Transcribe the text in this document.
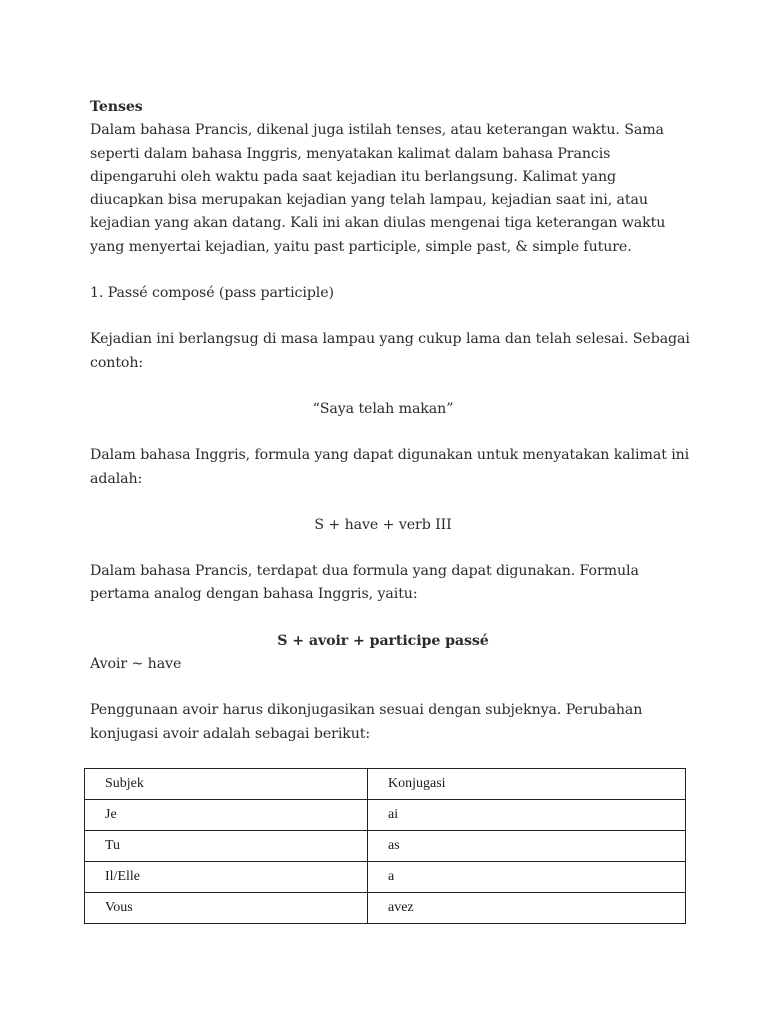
Tenses

Dalam bahasa Prancis, dikenal juga istilah tenses, atau keterangan waktu. Sama seperti dalam bahasa Inggris, menyatakan kalimat dalam bahasa Prancis dipengaruhi oleh waktu pada saat kejadian itu berlangsung. Kalimat yang diucapkan bisa merupakan kejadian yang telah lampau, kejadian saat ini, atau kejadian yang akan datang. Kali ini akan diulas mengenai tiga keterangan waktu yang menyertai kejadian, yaitu past participle, simple past, & simple future.

1. Passé composé (pass participle)

Kejadian ini berlangsug di masa lampau yang cukup lama dan telah selesai. Sebagai contoh:

“Saya telah makan”

Dalam bahasa Inggris, formula yang dapat digunakan untuk menyatakan kalimat ini adalah:

S + have + verb III

Dalam bahasa Prancis, terdapat dua formula yang dapat digunakan. Formula pertama analog dengan bahasa Inggris, yaitu:

S + avoir + participe passé

Avoir ~ have

Penggunaan avoir harus dikonjugasikan sesuai dengan subjeknya. Perubahan konjugasi avoir adalah sebagai berikut:

Subjek	Konjugasi
Je	ai
Tu	as
Il/Elle	a
Vous	avez
